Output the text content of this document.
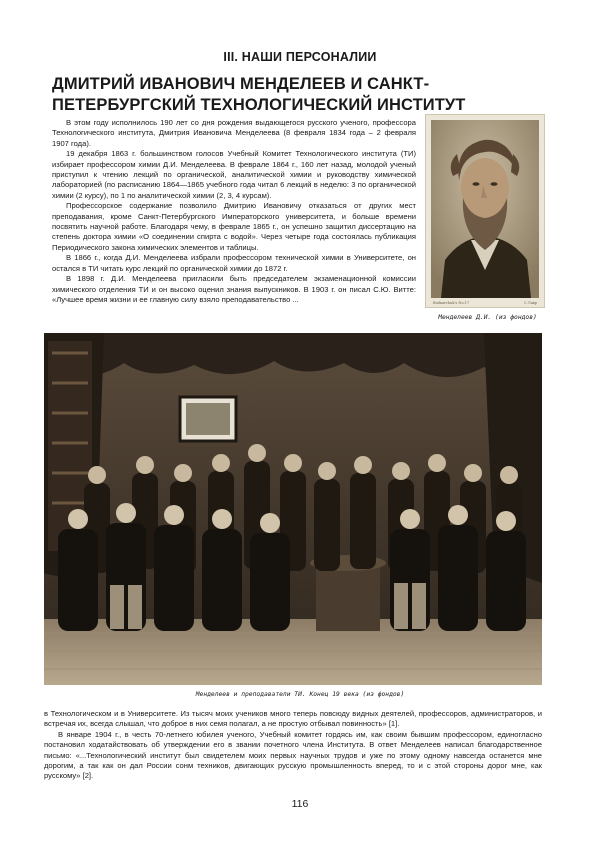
III. НАШИ ПЕРСОНАЛИИ
ДМИТРИЙ ИВАНОВИЧ МЕНДЕЛЕЕВ И САНКТ-ПЕТЕРБУРГСКИЙ ТЕХНОЛОГИЧЕСКИЙ ИНСТИТУТ

В этом году исполнилось 190 лет со дня рождения выдающегося русского ученого, профессора Технологического института, Дмитрия Ивановича Менделеева (8 февраля 1834 года – 2 февраля 1907 года).

19 декабря 1863 г. большинством голосов Учебный Комитет Технологического института (ТИ) избирает профессором химии Д.И. Менделеева. В феврале 1864 г., 160 лет назад, молодой ученый приступил к чтению лекций по органической, аналитической химии и руководству химической лабораторией (по расписанию 1864—1865 учебного года читал 6 лекций в неделю: 3 по органической химии (2 курсу), по 1 по аналитической химии (2, 3, 4 курсам).

Профессорское содержание позволило Дмитрию Ивановичу отказаться от других мест преподавания, кроме Санкт-Петербургского Императорского университета, и больше времени посвятить научной работе. Благодаря чему, в феврале 1865 г., он успешно защитил диссертацию на степень доктора химии «О соединении спирта с водой». Через четыре года состоялась публикация Периодического закона химических элементов и таблицы.

В 1866 г., когда Д.И. Менделеева избрали профессором технической химии в Университете, он остался в ТИ читать курс лекций по органической химии до 1872 г.

В 1898 г. Д.И. Менделеева пригласили быть председателем экзаменационной комиссии химического отделения ТИ и он высоко оценил знания выпускников. В 1903 г. он писал С.Ю. Витте: «Лучшее время жизни и ее главную силу взяло преподавательство ...	Bodnarchuk's No.17	С.Лавр
Менделеев Д.И. (из фондов)
Менделеев и преподаватели ТИ. Конец 19 века (из фондов)

в Технологическом и в Университете. Из тысяч моих учеников много теперь повсюду видных деятелей, профессоров, администраторов, и встречая их, всегда слышал, что доброе в них семя полагал, а не простую отбывал повинность» [1].

В январе 1904 г., в честь 70-летнего юбилея ученого, Учебный комитет гордясь им, как своим бывшим профессором, единогласно постановил ходатайствовать об утверждении его в звании почетного члена Института. В ответ Менделеев написал благодарственное письмо: «...Технологический институт был свидетелем моих первых научных трудов и уже по этому одному навсегда останется мне дорогим, а так как он дал России сонм техников, двигающих русскую промышленность вперед, то и с этой стороны дорог мне, как русскому» [2].

116
